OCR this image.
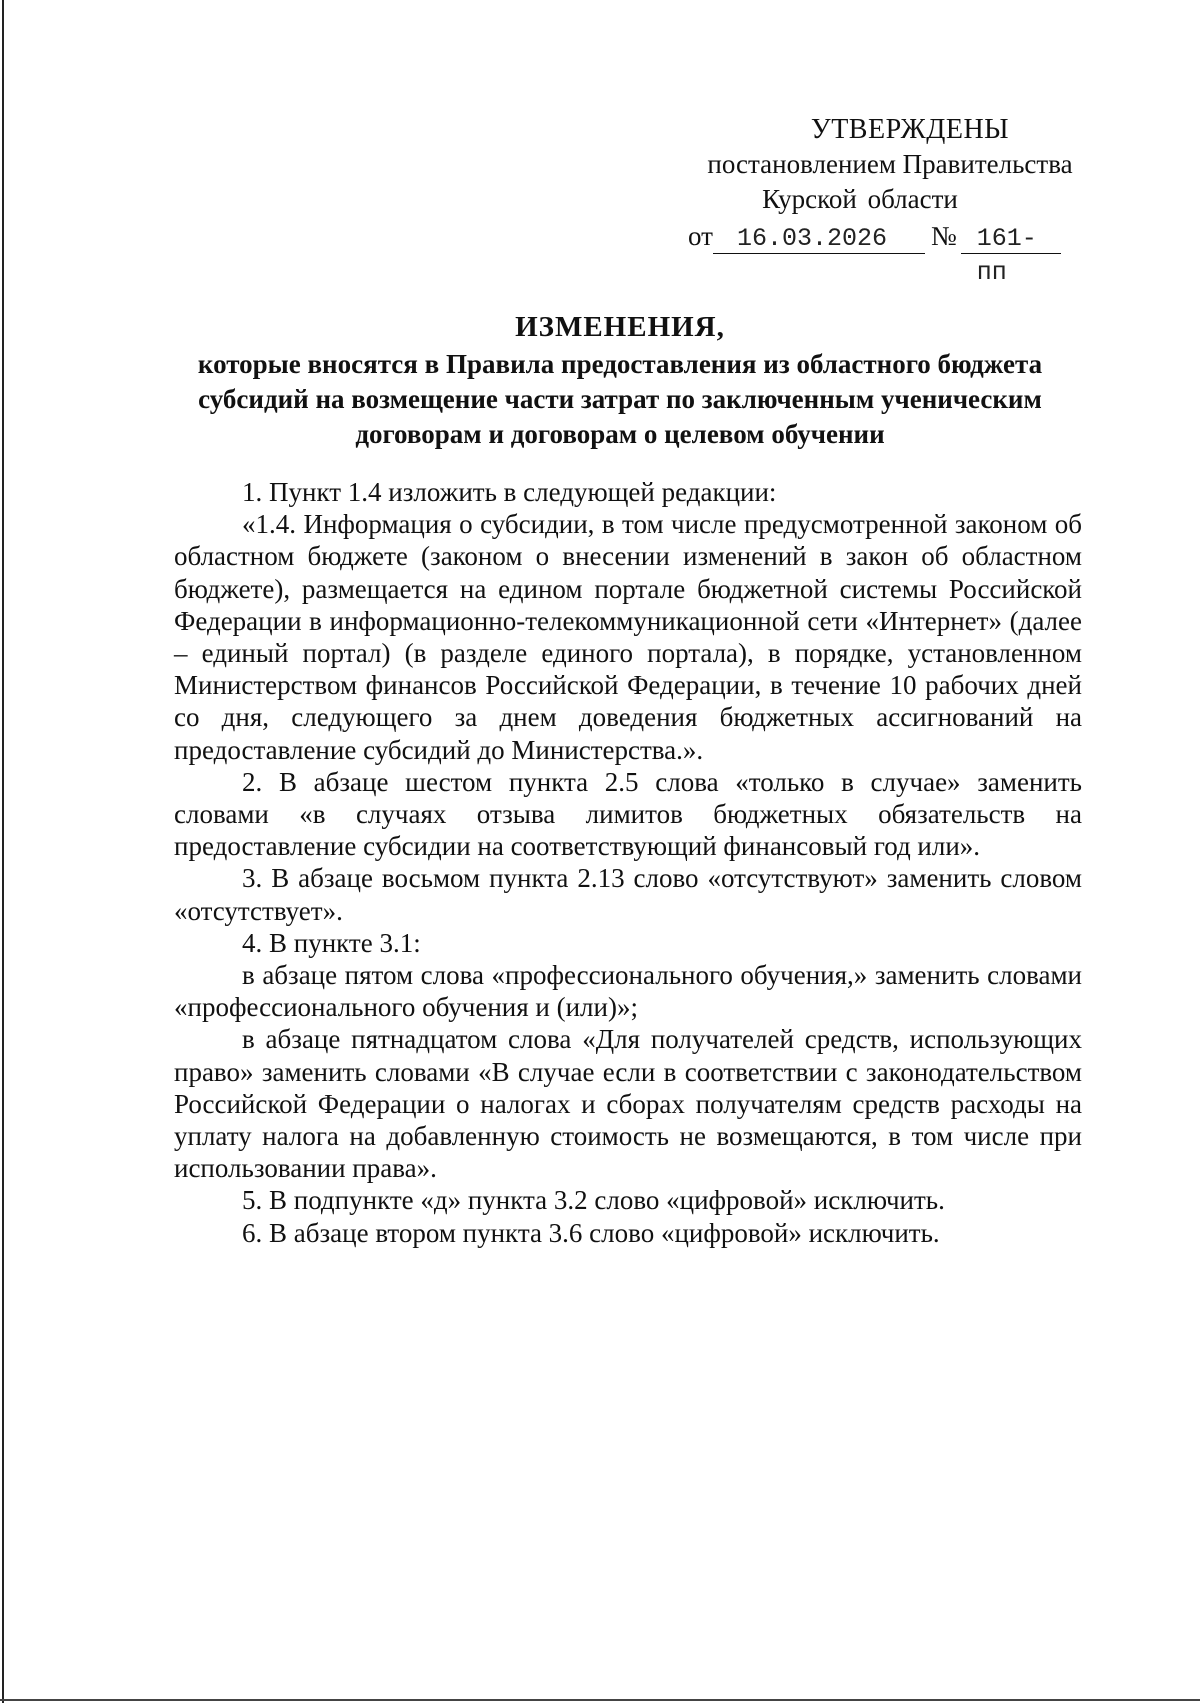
УТВЕРЖДЕНЫ
постановлением Правительства
Курской области
от 16.03.2026 № 161-пп
ИЗМЕНЕНИЯ,
которые вносятся в Правила предоставления из областного бюджета
субсидий на возмещение части затрат по заключенным ученическим
договорам и договорам о целевом обучении

1. Пункт 1.4 изложить в следующей редакции:

«1.4. Информация о субсидии, в том числе предусмотренной законом об областном бюджете (законом о внесении изменений в закон об областном бюджете), размещается на едином портале бюджетной системы Российской Федерации в информационно-телекоммуникационной сети «Интернет» (далее – единый портал) (в разделе единого портала), в порядке, установленном Министерством финансов Российской Федерации, в течение 10 рабочих дней со дня, следующего за днем доведения бюджетных ассигнований на предоставление субсидий до Министерства.».

2. В абзаце шестом пункта 2.5 слова «только в случае» заменить словами «в случаях отзыва лимитов бюджетных обязательств на предоставление субсидии на соответствующий финансовый год или».

3. В абзаце восьмом пункта 2.13 слово «отсутствуют» заменить словом «отсутствует».

4. В пункте 3.1:

в абзаце пятом слова «профессионального обучения,» заменить словами «профессионального обучения и (или)»;

в абзаце пятнадцатом слова «Для получателей средств, использующих право» заменить словами «В случае если в соответствии с законодательством Российской Федерации о налогах и сборах получателям средств расходы на уплату налога на добавленную стоимость не возмещаются, в том числе при использовании права».

5. В подпункте «д» пункта 3.2 слово «цифровой» исключить.

6. В абзаце втором пункта 3.6 слово «цифровой» исключить.
